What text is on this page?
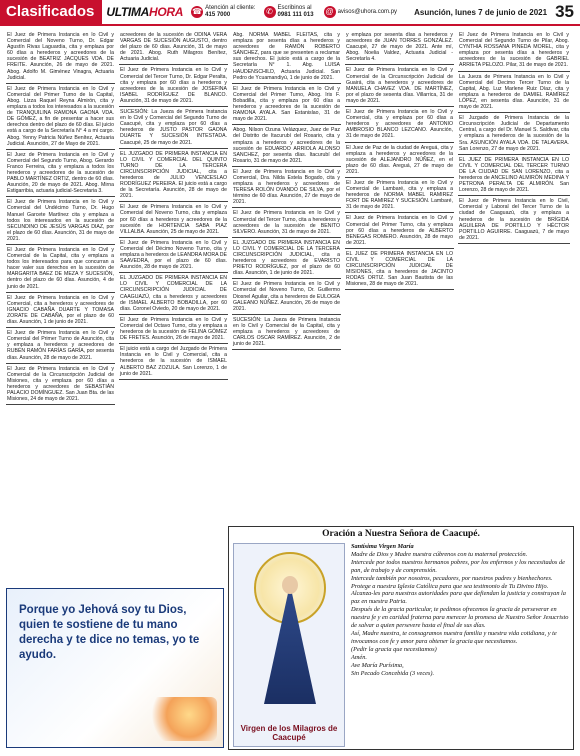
Clasificados	ULTIMAHORA ☎ Atención al cliente:
415 7000	✆ Escribinos al
0981 111 013 @ avisos@uhora.com.py Asunción, lunes 7 de junio de 2021 35
El Juez de Primera Instancia en lo Civil y Comercial del Noveno Turno, Dr. Edgar Agustín Rivas Laguardia, cita y emplaza por 60 días a herederos y acreedores de la sucesión de BEATRIZ JACQUES VDA. DE FREITE. Asunción, 26 de mayo de 2021. Abog. Adolfo M. Giménez Vinagra, Actuaria Judicial.
El Juez de Primera Instancia en lo Civil y Comercial del Primer Turno de la Capital, Abog. Lizza Raquel Reyna Almirón, cita y emplaza a todos los interesados a la sucesión de TRANQUILINA RAMONA GAONA VDA. DE GÓMEZ, a fin de presentar a hacer sus derechos dentro del plazo de 60 días. El juicio está a cargo de la Secretaría N° 4 a mi cargo. Abog. Yenny Patricia Núñez Benítez, Actuaria Judicial. Asunción, 27 de Mayo de 2021.
El Juez de Primera Instancia en lo Civil y Comercial del Segundo Turno, Abog. Gerardo Franco Ferreira, cita y emplaza a todos los herederos y acreedores de la sucesión de PABLO MARTÍNEZ ORTIZ, dentro de 60 días. Asunción, 20 de mayo de 2021. Abog. Mirna Estigarribia, actuaria judicial-Secretaria 3.
El Juez de Primera Instancia en lo Civil y Comercial del Undécimo Turno, Dr. Hugo Manuel Garcete Martínez cita y emplaza a todos los interesados en la sucesión de SECUNDINO DE JESÚS VARGAS DIAZ, por el plazo de 60 días. Asunción, 31 de mayo de 2021.
El Juez de Primera Instancia en lo Civil y Comercial de la Capital, cita y emplaza a todos los interesados para que concurran a hacer valer sus derechos en la sucesión de MARGARITA BAEZ DE MEZA Y SUCESIÓN, dentro del plazo de 60 días. Asunción, 4 de junio de 2021.
El Juez de Primera Instancia en lo Civil y Comercial, cita a herederos y acreedores de IGNACIO CABAÑA DUARTE Y TOMASA ZORATE DE CABAÑA, por el plazo de 60 días. Asunción, 1 de junio de 2021.
El Juez de Primera Instancia en lo Civil y Comercial del Primer Turno de Asunción, cita y emplaza a herederos y acreedores de RUBÉN RAMÓN FARÍAS GARÍA, por sesenta días. Asunción, 28 de mayo de 2021.
El Juez de Primera Instancia en lo Civil y Comercial de la Circunscripción Judicial de Misiones, cita y emplaza por 60 días a herederos y acreedores de SEBASTIÁN PALACIO DOMÍNGUEZ. San Juan Bta. de las Misiones, 24 de mayo de 2021.
acreedores de la sucesión de ODINA VERA VARGAS DE SUCESIÓN AUGUSTO, dentro del plazo de 60 días. Asunción, 31 de mayo de 2021. Abog. Ruth Milagros Benítez, Actuaria Judicial.
El Juez de Primera Instancia en lo Civil y Comercial del Tercer Turno, Dr. Edgar Peralta, cita y emplaza por 60 días a herederos y acreedores de la sucesión de JOSEFINA ISABEL RODRÍGUEZ DE BLANCO. Asunción, 31 de mayo de 2021.
SUCESIÓN: La Jueza de Primera Instancia en lo Civil y Comercial del Segundo Turno de Caacupé, cita y emplaza por 60 días a herederos de JUSTO PASTOR GAONA DUARTE Y SUCESIÓN INTESTADA. Caacupé, 25 de mayo de 2021.
EL JUZGADO DE PRIMERA INSTANCIA EN LO CIVIL Y COMERCIAL DEL QUINTO TURNO DE LA TERCERA CIRCUNSCRIPCIÓN JUDICIAL, cita a herederos de JULIO VENCESLAO RODRÍGUEZ PEREIRA. El juicio está a cargo de la Secretaría. Asunción, 28 de mayo de 2021.
El Juez de Primera Instancia en lo Civil y Comercial del Noveno Turno, cita y emplaza por 60 días a herederos y acreedores de la sucesión de HORTENCIA SABA PIAZ VILLALBA. Asunción, 25 de mayo de 2021.
El Juez de Primera Instancia en lo Civil y Comercial del Décimo Noveno Turno, cita y emplaza a herederos de LEANDRA MORA DE SAAVEDRA, por el plazo de 60 días. Asunción, 28 de mayo de 2021.
EL JUZGADO DE PRIMERA INSTANCIA EN LO CIVIL Y COMERCIAL DE LA CIRCUNSCRIPCIÓN JUDICIAL DE CAAGUAZÚ, cita a herederos y acreedores de ISMAEL ALBERTO BOBADILLA, por 60 días. Coronel Oviedo, 20 de mayo de 2021.
El Juez de Primera Instancia en lo Civil y Comercial del Octavo Turno, cita y emplaza a herederos de la sucesión de FELINA GÓMEZ DE FRETES. Asunción, 26 de mayo de 2021.
El juicio está a cargo del Juzgado de Primera Instancia en lo Civil y Comercial, cita a herederos de la sucesión de ISMAEL ALBERTO BAZ ZOZULA. San Lorenzo, 1 de junio de 2021.
Abg. NORMA MABEL FLEITAS, cita y emplaza por sesenta días a herederos y acreedores de RAMÓN ROBERTO SÁNCHEZ, para que se presenten a reclamar sus derechos. El juicio está a cargo de la Secretaría N° 1. Abg. LUISA HAUDENSCHILD, Actuaria Judicial. San Pedro de Ycuamandiyú, 1 de junio de 2021.
El Juez de Primera Instancia en lo Civil y Comercial del Primer Turno, Abog. Iris F. Bobadilla, cita y emplaza por 60 días a herederos y acreedores de la sucesión de RAMONA AYALA. San Estanislao, 31 de mayo de 2021.
Abog. Nilson Ozuna Velázquez, Juez de Paz del Distrito de Itacurubí del Rosario, cita y emplaza a herederos y acreedores de la sucesión de EDUARDO ARRIOLA ALONSO SANCHEZ, por sesenta días. Itacurubí del Rosario, 31 de mayo de 2021.
El Juez de Primera Instancia en lo Civil y Comercial, Dra. Nilda Estela Bogado, cita y emplaza a herederos y acreedores de TERESA ROLÓN OVANDO DE SILVA, por el término de 60 días. Asunción, 27 de mayo de 2021.
El Juez de Primera Instancia en lo Civil y Comercial del Tercer Turno, cita a herederos y acreedores de la sucesión de BENITO SILVERO. Asunción, 31 de mayo de 2021.
EL JUZGADO DE PRIMERA INSTANCIA EN LO CIVIL Y COMERCIAL DE LA TERCERA CIRCUNSCRIPCIÓN JUDICIAL, cita a herederos y acreedores de EVARISTO PRIETO RODRÍGUEZ, por el plazo de 60 días. Asunción, 1 de junio de 2021.
El Juez de Primera Instancia en lo Civil y Comercial del Noveno Turno, Dr. Guillermo Diosnel Aguilar, cita a herederos de EULOGIA GALEANO NÚÑEZ. Asunción, 26 de mayo de 2021.
SUCESIÓN: La Jueza de Primera Instancia en lo Civil y Comercial de la Capital, cita y emplaza a herederos y acreedores de CARLOS OSCAR RAMÍREZ. Asunción, 2 de junio de 2021.
y emplaza por sesenta días a herederos y acreedores de JUAN TORRES GONZÁLEZ. Caacupé, 27 de mayo de 2021. Ante mí, Abog. Noelia Valdez, Actuaria Judicial - Secretaría 4.
El Juez de Primera Instancia en lo Civil y Comercial de la Circunscripción Judicial de Guairá, cita a herederos y acreedores de MANUELA CHAVEZ VDA. DE MARTÍNEZ, por el plazo de sesenta días. Villarrica, 31 de mayo de 2021.
El Juez de Primera Instancia en lo Civil y Comercial, cita y emplaza por 60 días a herederos y acreedores de ANTONIO AMBROSIO BLANCO LEZCANO. Asunción, 31 de mayo de 2021.
El Juez de Paz de la ciudad de Areguá, cita y emplaza a herederos y acreedores de la sucesión de ALEJANDRO NÚÑEZ, en el plazo de 60 días. Areguá, 27 de mayo de 2021.
El Juez de Primera Instancia en lo Civil y Comercial de Lambaré, cita y emplaza a herederos de NORMA MABEL RAMIREZ FORT DE RAMIREZ Y SUCESIÓN. Lambaré, 31 de mayo de 2021.
El Juez de Primera Instancia en lo Civil y Comercial del Primer Turno, cita y emplaza por 60 días a herederos de ALBERTO BENEGAS ROMERO. Asunción, 28 de mayo de 2021.
EL JUEZ DE PRIMERA INSTANCIA EN LO CIVIL Y COMERCIAL DE LA CIRCUNSCRIPCIÓN JUDICIAL DE MISIONES, cita a herederos de JACINTO RODAS ORTIZ. San Juan Bautista de las Misiones, 28 de mayo de 2021.
El Juez de Primera Instancia en lo Civil y Comercial del Segundo Turno de Pilar, Abog. CYNTHIA ROSSANA PINEDA MOREL, cita y emplaza por sesenta días a herederos y acreedores de la sucesión de GABRIEL ARRIETA PELOZO. Pilar, 31 de mayo de 2021.
La Jueza de Primera Instancia en lo Civil y Comercial del Decimo Tercer Turno de la Capital, Abg. Luz Marlene Ruiz Díaz, cita y emplaza a herederos de DAMIEL RAMÍREZ LÓPEZ, en sesenta días. Asunción, 31 de mayo de 2021.
El Juzgado de Primera Instancia de la Circunscripción Judicial de Departamento Central, a cargo del Dr. Manuel S. Saldivar, cita y emplaza a herederos de la sucesión de la Sra. ASUNCIÓN AYALA VDA. DE TALAVERA. San Lorenzo, 27 de mayo de 2021.
EL JUEZ DE PRIMERA INSTANCIA EN LO CIVIL Y COMERCIAL DEL TERCER TURNO DE LA CIUDAD DE SAN LORENZO, cita a herederos de ANCELINO ALMIRÓN MEDINA Y PETRONA PERALTA DE ALMIRÓN. San Lorenzo, 28 de mayo de 2021.
El Juez de Primera Instancia en lo Civil, Comercial y Laboral del Tercer Turno de la ciudad de Caaguazú, cita y emplaza a herederos de la sucesión de BRÍGIDA AGUILERA DE PORTILLO Y HÉCTOR PORTILLO AGUIRRE. Caaguazú, 7 de mayo de 2021.
Porque yo Jehová soy tu Dios, quien te sostiene de tu mano derecha y te dice no temas, yo te ayudo.
Oración a Nuestra Señora de Caacupé.
Virgen de los Milagros de Caacupé

Santísima Virgen María

Madre de Dios y Madre nuestra cúbrenos con tu maternal protección.

Intercede por todos nuestros hermanos pobres, por los enfermos y los necesitados de pan, de trabajo y de comprensión.

Intercede también por nosotros, pecadores, por nuestros padres y bienhechores.

Protege a nuestra Iglesia Católica para que sea testimonio de Tu Divino Hijo.

Alcanza-les para nuestras autoridades para que defiendan la justicia y construyan la paz en nuestra Patria.

Después de la gracia particular, te pedimos ofrecemos la gracia de perseverar en nuestra fe y en caridad fraterna para merecer la promesa de Nuestro Señor Jesucristo de salvar a quien persevere hasta el final de sus días.

Así, Madre nuestra, te consagramos nuestra familia y nuestra vida cotidiana, y te invocamos con fe y amor para obtener la gracia que necesitamos.

(Pedir la gracia que necesitamos)

Amén.

Ave María Purísima,

Sin Pecado Concebida (3 veces).
